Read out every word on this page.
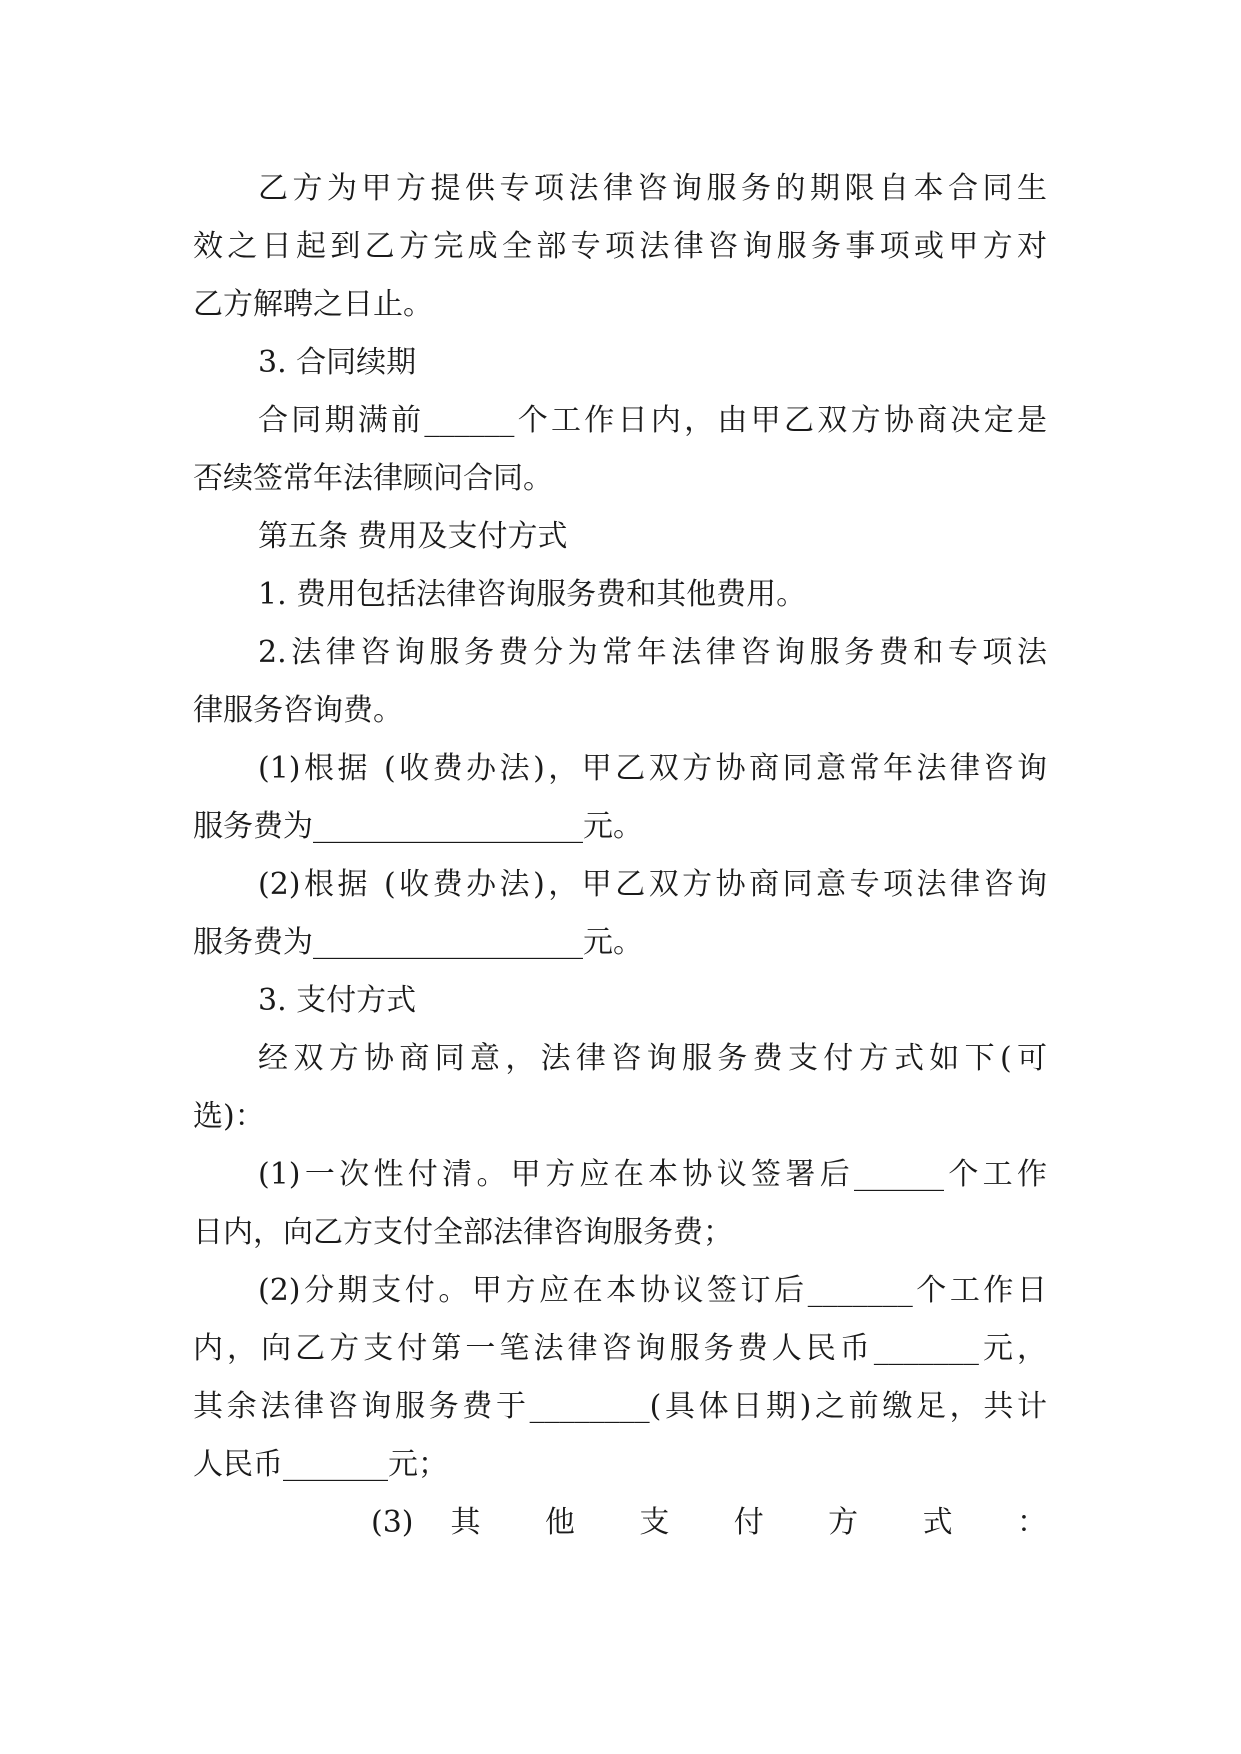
乙方为甲方提供专项法律咨询服务的期限自本合同生
效之日起到乙方完成全部专项法律咨询服务事项或甲方对
乙方解聘之日止。
3. 合同续期
合同期满前______个工作日内，由甲乙双方协商决定是
否续签常年法律顾问合同。
第五条 费用及支付方式
1. 费用包括法律咨询服务费和其他费用。
2.法律咨询服务费分为常年法律咨询服务费和专项法
律服务咨询费。
(1)根据 (收费办法)，甲乙双方协商同意常年法律咨询
服务费为__________________元。
(2)根据 (收费办法)，甲乙双方协商同意专项法律咨询
服务费为__________________元。
3. 支付方式
经双方协商同意，法律咨询服务费支付方式如下(可
选)：
(1)一次性付清。甲方应在本协议签署后______个工作
日内，向乙方支付全部法律咨询服务费；
(2)分期支付。甲方应在本协议签订后_______个工作日
内，向乙方支付第一笔法律咨询服务费人民币_______元，
其余法律咨询服务费于________(具体日期)之前缴足，共计
人民币_______元；
(3) 其 他 支 付 方 式 ：
